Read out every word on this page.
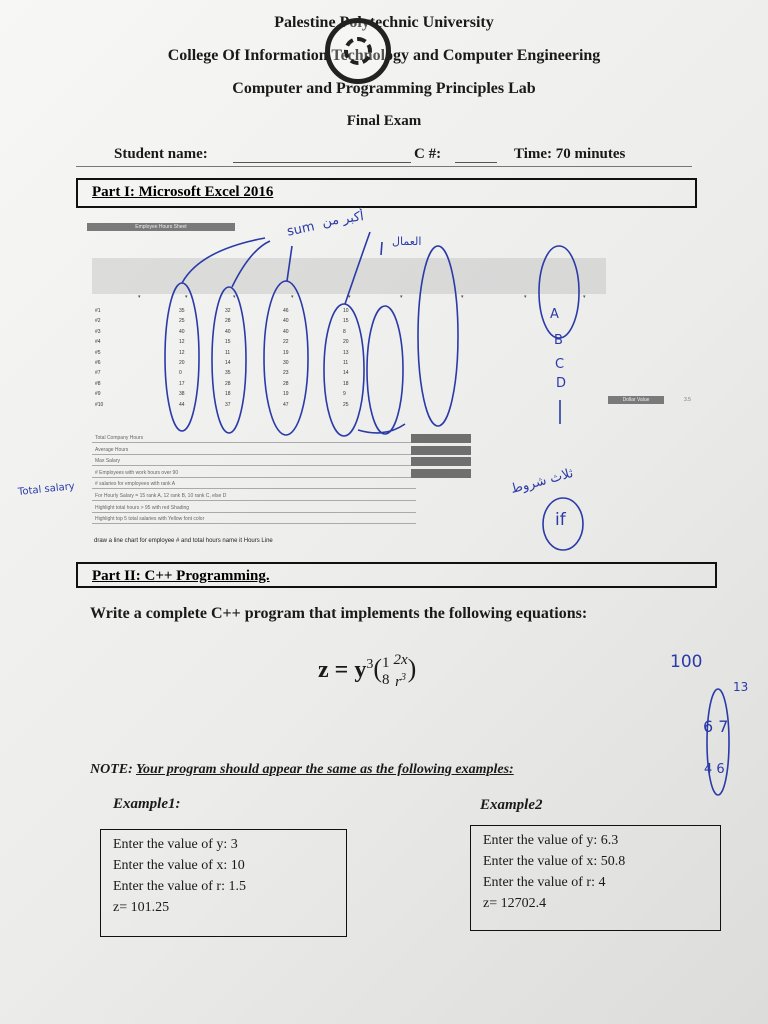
Palestine Polytechnic University
College Of Information Technology and Computer Engineering
Computer and Programming Principles Lab
Final Exam
Student name:	C #:	Time: 70 minutes
Part I: Microsoft Excel 2016
Employee Hours Sheet
▾	▾	▾	▾	▾	▾	▾	▾	▾
#1	35	32	46	10
#2	25	28	40	15
#3	40	40	40	8
#4	12	15	22	20
#5	12	11	19	13
#6	20	14	30	11
#7	0	35	23	14
#8	17	28	28	18
#9	38	18	19	9
#10	44	37	47	25
Dollar Value	3.5
Total Company Hours
Average Hours
Max Salary
# Employees with work hours over 90
# salaries for employees with rank A
For Hourly Salary = 15 rank A, 12 rank B, 10 rank C, else D
Highlight total hours > 95 with red Shading
Highlight top 5 total salaries with Yellow font color
draw a line chart for employee # and total hours name it Hours Line
sum أكبر من
العمال
Total salary
A
B
C
D
if
ثلاث شروط
100
13
6 7
4 6
Part II: C++ Programming.
Write a complete C++ program that implements the following equations:
$z = y^3$( 1
8
2x
$r^3$ )
NOTE: Your program should appear the same as the following examples:
Example1:	Example2
Enter the value of y: 3
Enter the value of x: 10
Enter the value of r: 1.5
z= 101.25
Enter the value of y: 6.3
Enter the value of x: 50.8
Enter the value of r: 4
z= 12702.4
